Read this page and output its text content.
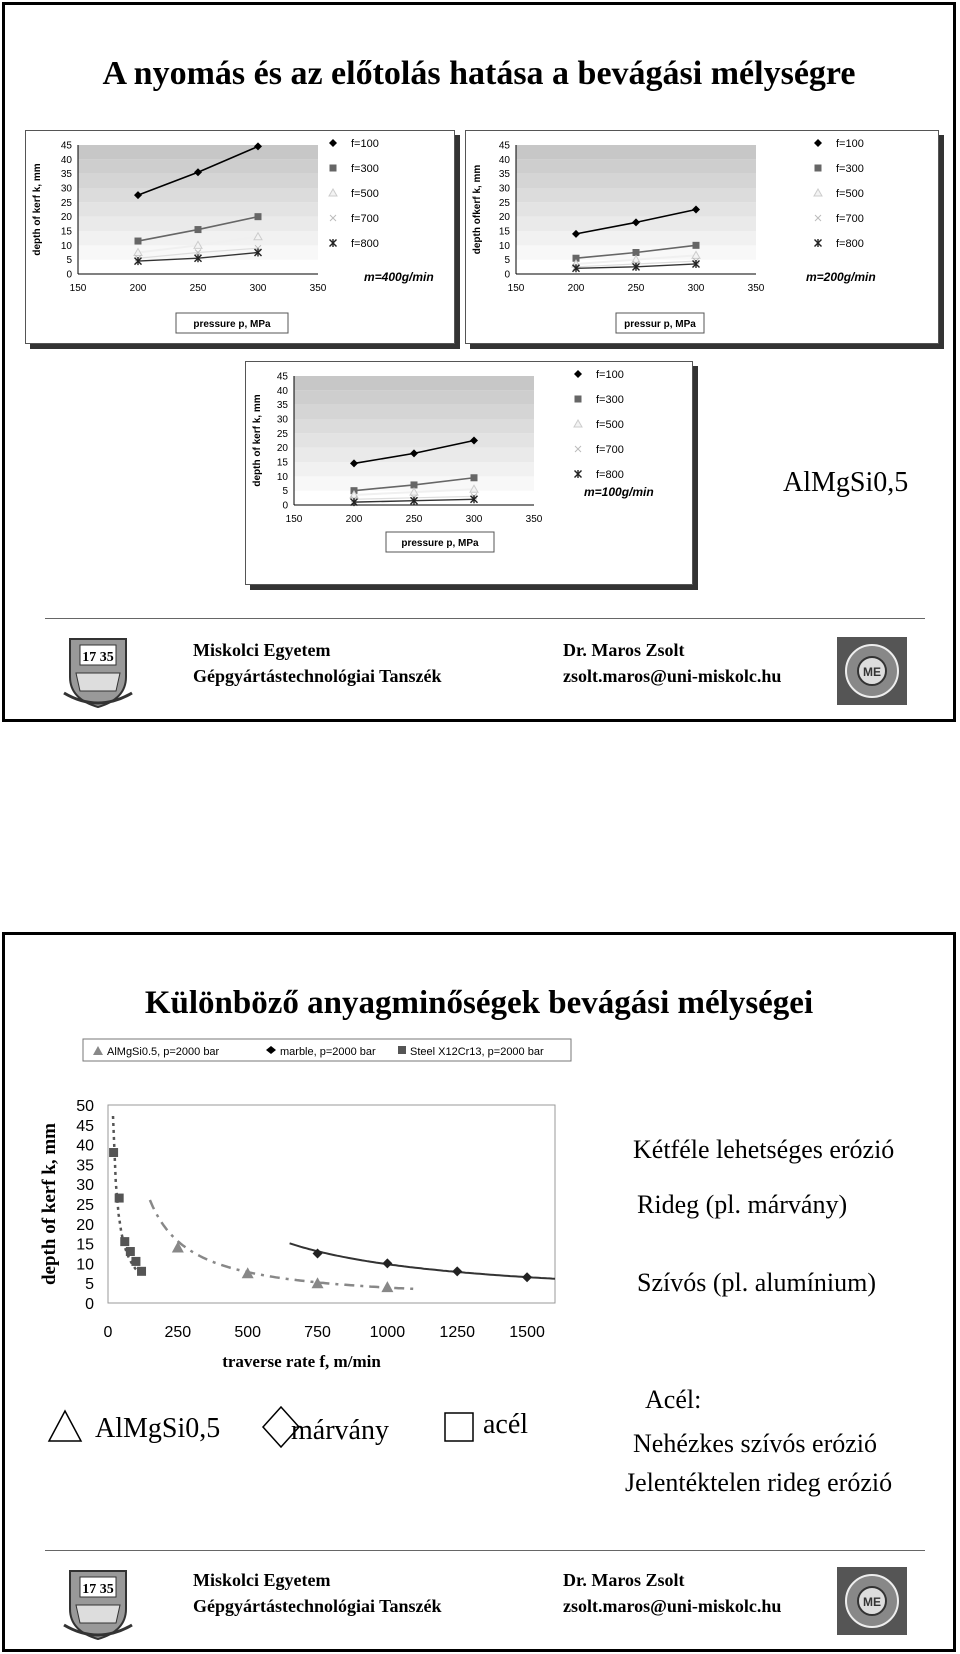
A nyomás és az előtolás hatása a bevágási mélységre
0
5
10
15
20
25
30
35
40
45
150	200	250	300	350
depth of kerf k, mm
pressure p, MPa
f=100
f=300
f=500
f=700
f=800
m=400g/min	0
5
10
15
20
25
30
35
40
45
150	200	250	300	350
depth ofkerf k, mm
pressur p, MPa
f=100
f=300
f=500
f=700
f=800
m=200g/min
0
5
10
15
20
25
30
35
40
45
150	200	250	300	350
depth of kerf k, mm
pressure p, MPa
f=100
f=300
f=500
f=700
f=800
m=100g/min	AlMgSi0,5
17 35	Miskolci Egyetem
Gépgyártástechnológiai Tanszék
Dr. Maros Zsolt
zsolt.maros@uni-miskolc.hu	ME
Különböző anyagminőségek bevágási mélységei
AlMgSi0.5, p=2000 bar	marble, p=2000 bar	Steel X12Cr13, p=2000 bar
0
5
10
15
20
25
30
35
40
45
50
0	250	500	750 1000 1250 1500
depth of kerf k, mm
traverse rate f, m/min
AlMgSi0,5	márvány	acél
Kétféle lehetséges erózió
Rideg (pl. márvány)
Szívós (pl. alumínium)
Acél:
Nehézkes szívós erózió
Jelentéktelen rideg erózió
17 35	Miskolci Egyetem
Gépgyártástechnológiai Tanszék
Dr. Maros Zsolt
zsolt.maros@uni-miskolc.hu	ME
